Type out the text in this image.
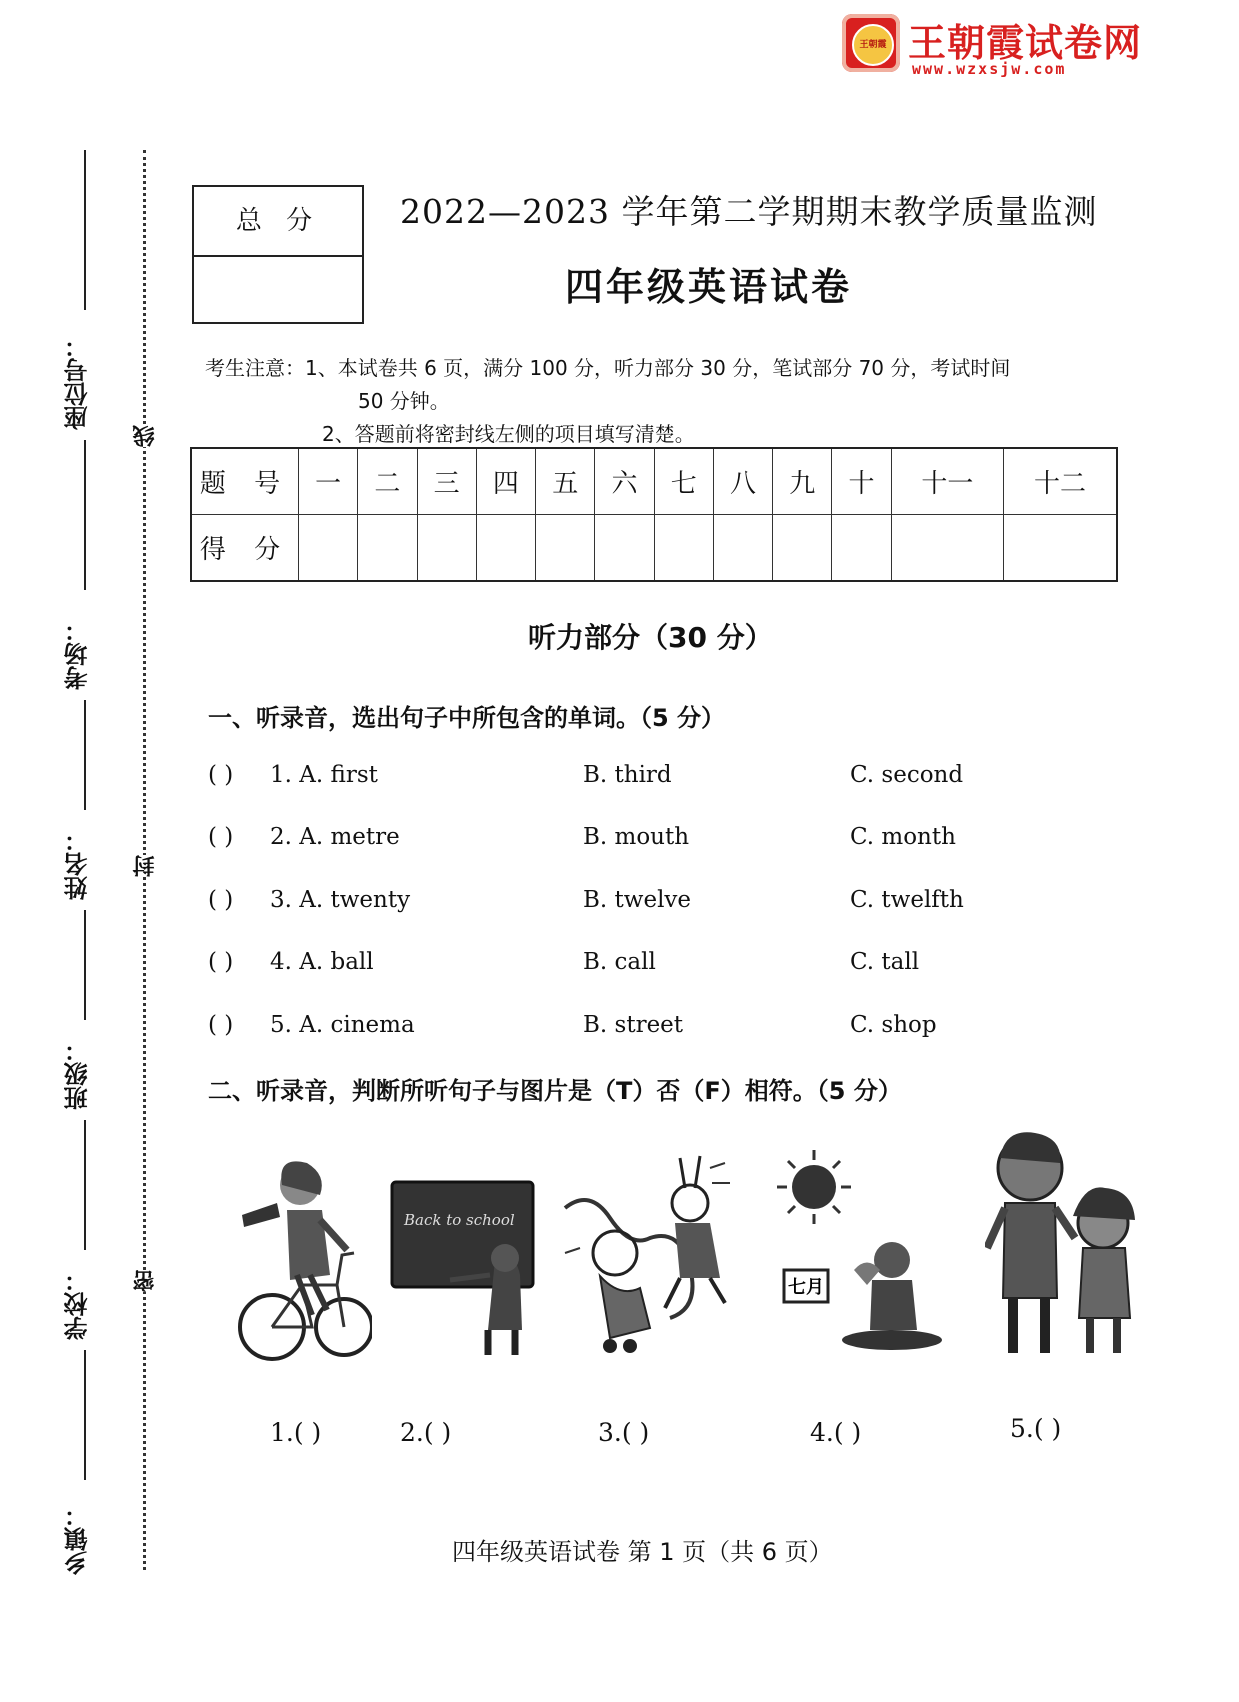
王朝霞 王朝霞试卷网
www.wzxsjw.com
座位号：
考场：
姓名：
班级：
学校：
乡镇：
线
封
密
总 分	2022—2023 学年第二学期期末教学质量监测
四年级英语试卷
考生注意：1、本试卷共 6 页，满分 100 分，听力部分 30 分，笔试部分 70 分，考试时间
50 分钟。
2、答题前将密封线左侧的项目填写清楚。
题 号	一	二	三	四	五	六	七	八	九	十	十一	十二
得 分												
听力部分（30 分）
一、听录音，选出句子中所包含的单词。（5 分）
( ) 1. A. first	B. third	C. second
( ) 2. A. metre	B. mouth	C. month
( ) 3. A. twenty	B. twelve	C. twelfth
( ) 4. A. ball	B. call	C. tall
( ) 5. A. cinema	B. street	C. shop
二、听录音，判断所听句子与图片是（T）否（F）相符。（5 分）
Back to school
七月
1.( )	2.( )	3.( )	4.( )	5.( )
四年级英语试卷 第 1 页（共 6 页）
